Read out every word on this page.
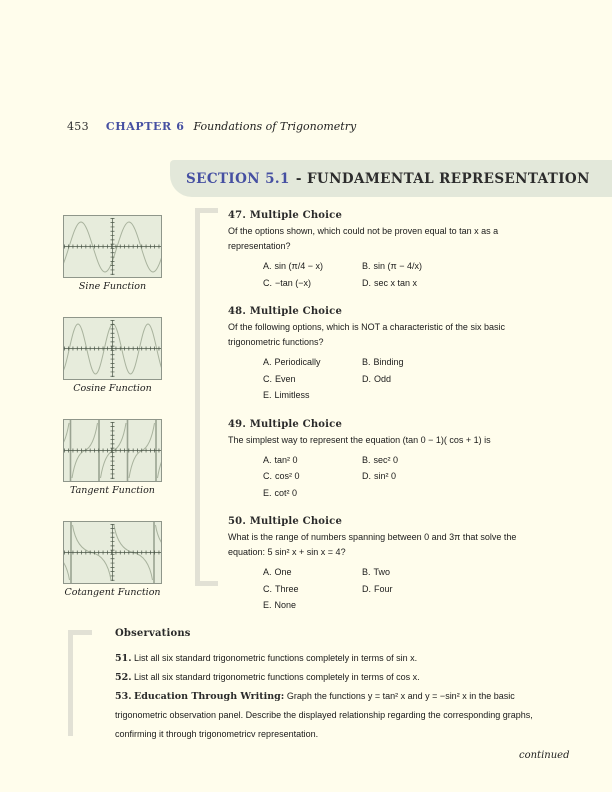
453 CHAPTER 6 Foundations of Trigonometry
SECTION 5.1 - FUNDAMENTAL REPRESENTATION
Sine Function
Cosine Function
Tangent Function
Cotangent Function
47. Multiple Choice
Of the options shown, which could not be proven equal to tan x as a representation?
A. sin (π/4 − x)	B. sin (π − 4/x)
C. −tan (−x)	D. sec x tan x
48. Multiple Choice
Of the following options, which is NOT a characteristic of the six basic trigonometric functions?
A. Periodically	B. Binding
C. Even	D. Odd
E. Limitless
49. Multiple Choice
The simplest way to represent the equation (tan 0 − 1)( cos + 1) is
A. tan² 0	B. sec² 0
C. cos² 0	D. sin² 0
E. cot² 0
50. Multiple Choice
What is the range of numbers spanning between 0 and 3π that solve the equation: 5 sin² x + sin x = 4?
A. One	B. Two
C. Three	D. Four
E. None
Observations

51. List all six standard trigonometric functions completely in terms of sin x.

52. List all six standard trigonometric functions completely in terms of cos x.

53. Education Through Writing: Graph the functions y = tan² x and y = −sin² x in the basic trigonometric observation panel. Describe the displayed relationship regarding the corresponding graphs, confirming it through trigonometricv representation.

continued
